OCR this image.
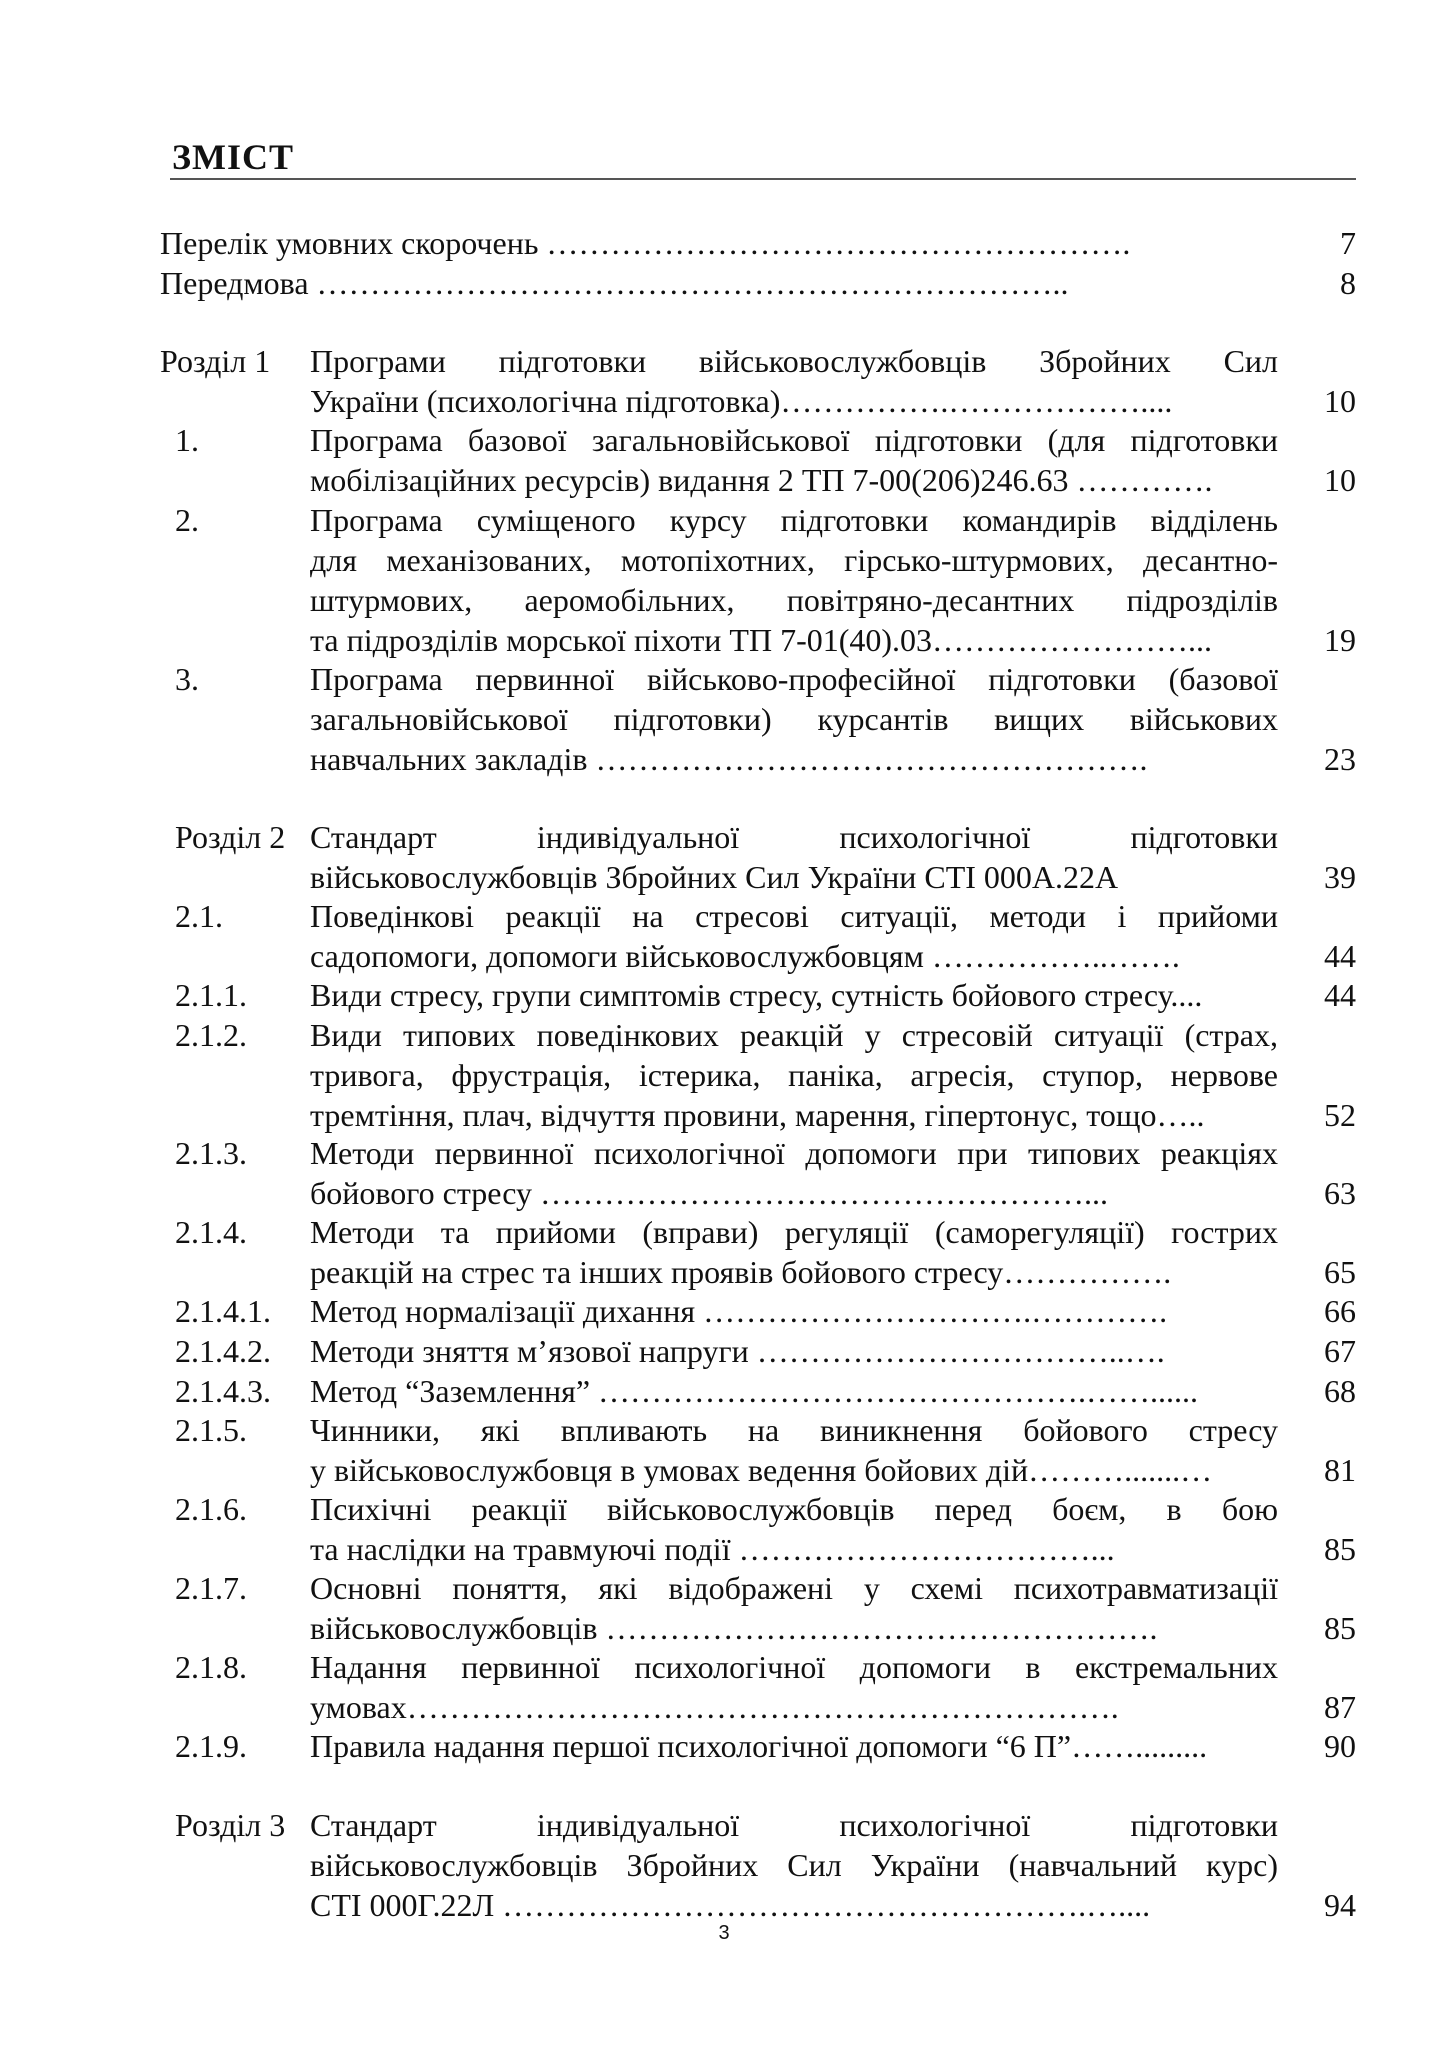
ЗМІСТ
Перелік умовних скорочень ……………………………………………….	7
Передмова ……………………………………………………………..	8
Розділ 1 Програми підготовки військовослужбовців Збройних Сил
України (психологічна підготовка)…………….………………....	10
1.	Програма базової загальновійськової підготовки (для підготовки
мобілізаційних ресурсів) видання 2 ТП 7-00(206)246.63 ………….	10
2.	Програма суміщеного курсу підготовки командирів відділень
для механізованих, мотопіхотних, гірсько-штурмових, десантно-
штурмових, аеромобільних, повітряно-десантних підрозділів
та підрозділів морської піхоти ТП 7-01(40).03……………………...	19
3.	Програма первинної військово-професійної підготовки (базової
загальновійськової підготовки) курсантів вищих військових
навчальних закладів …………………………………………….	23
Розділ 2 Стандарт індивідуальної психологічної підготовки
військовослужбовців Збройних Сил України СТІ 000А.22А	39
2.1.	Поведінкові реакції на стресові ситуації, методи і прийоми
садопомоги, допомоги військовослужбовцям ……………..…….	44
2.1.1. Види стресу, групи симптомів стресу, сутність бойового стресу....	44
2.1.2. Види типових поведінкових реакцій у стресовій ситуації (страх,
тривога, фрустрація, істерика, паніка, агресія, ступор, нервове
тремтіння, плач, відчуття провини, марення, гіпертонус, тощо…..	52
2.1.3. Методи первинної психологічної допомоги при типових реакціях
бойового стресу ……………………………………………...	63
2.1.4. Методи та прийоми (вправи) регуляції (саморегуляції) гострих
реакцій на стрес та інших проявів бойового стресу…………….	65
2.1.4.1. Метод нормалізації дихання ………………………….………….	66
2.1.4.2. Методи зняття м’язової напруги ……………………………..….	67
2.1.4.3. Метод “Заземлення” ……………………………………….……......	68
2.1.5. Чинники, які впливають на виникнення бойового стресу
у військовослужбовця в умовах ведення бойових дій……….......…	81
2.1.6. Психічні реакції військовослужбовців перед боєм, в бою
та наслідки на травмуючі події ……………………………...	85
2.1.7. Основні поняття, які відображені у схемі психотравматизації
військовослужбовців …………………………………………….	85
2.1.8. Надання первинної психологічної допомоги в екстремальних
умовах………………………………………………………….	87
2.1.9. Правила надання першої психологічної допомоги “6 П”…….........	90
Розділ 3 Стандарт індивідуальної психологічної підготовки
військовослужбовців Збройних Сил України (навчальний курс)
СТІ 000Г.22Л ……………………………………………….…....	94
3
